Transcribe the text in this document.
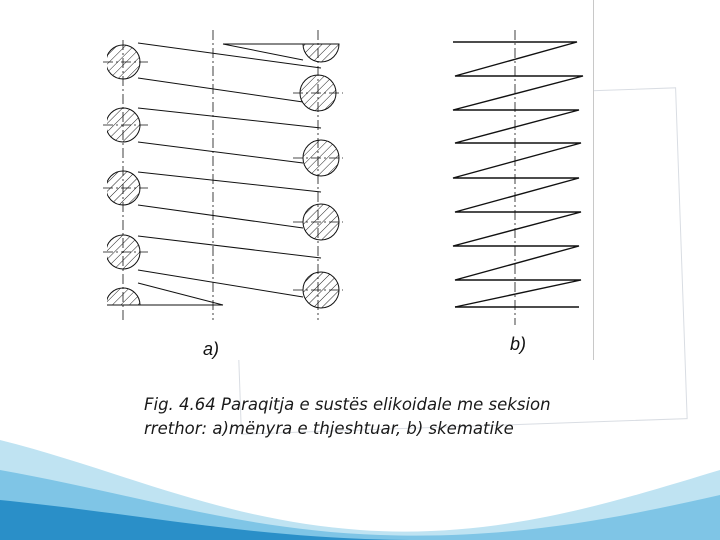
a)	b)
Fig. 4.64 Paraqitja e sustës elikoidale me seksion rrethor: a)mënyra e thjeshtuar, b) skematike
